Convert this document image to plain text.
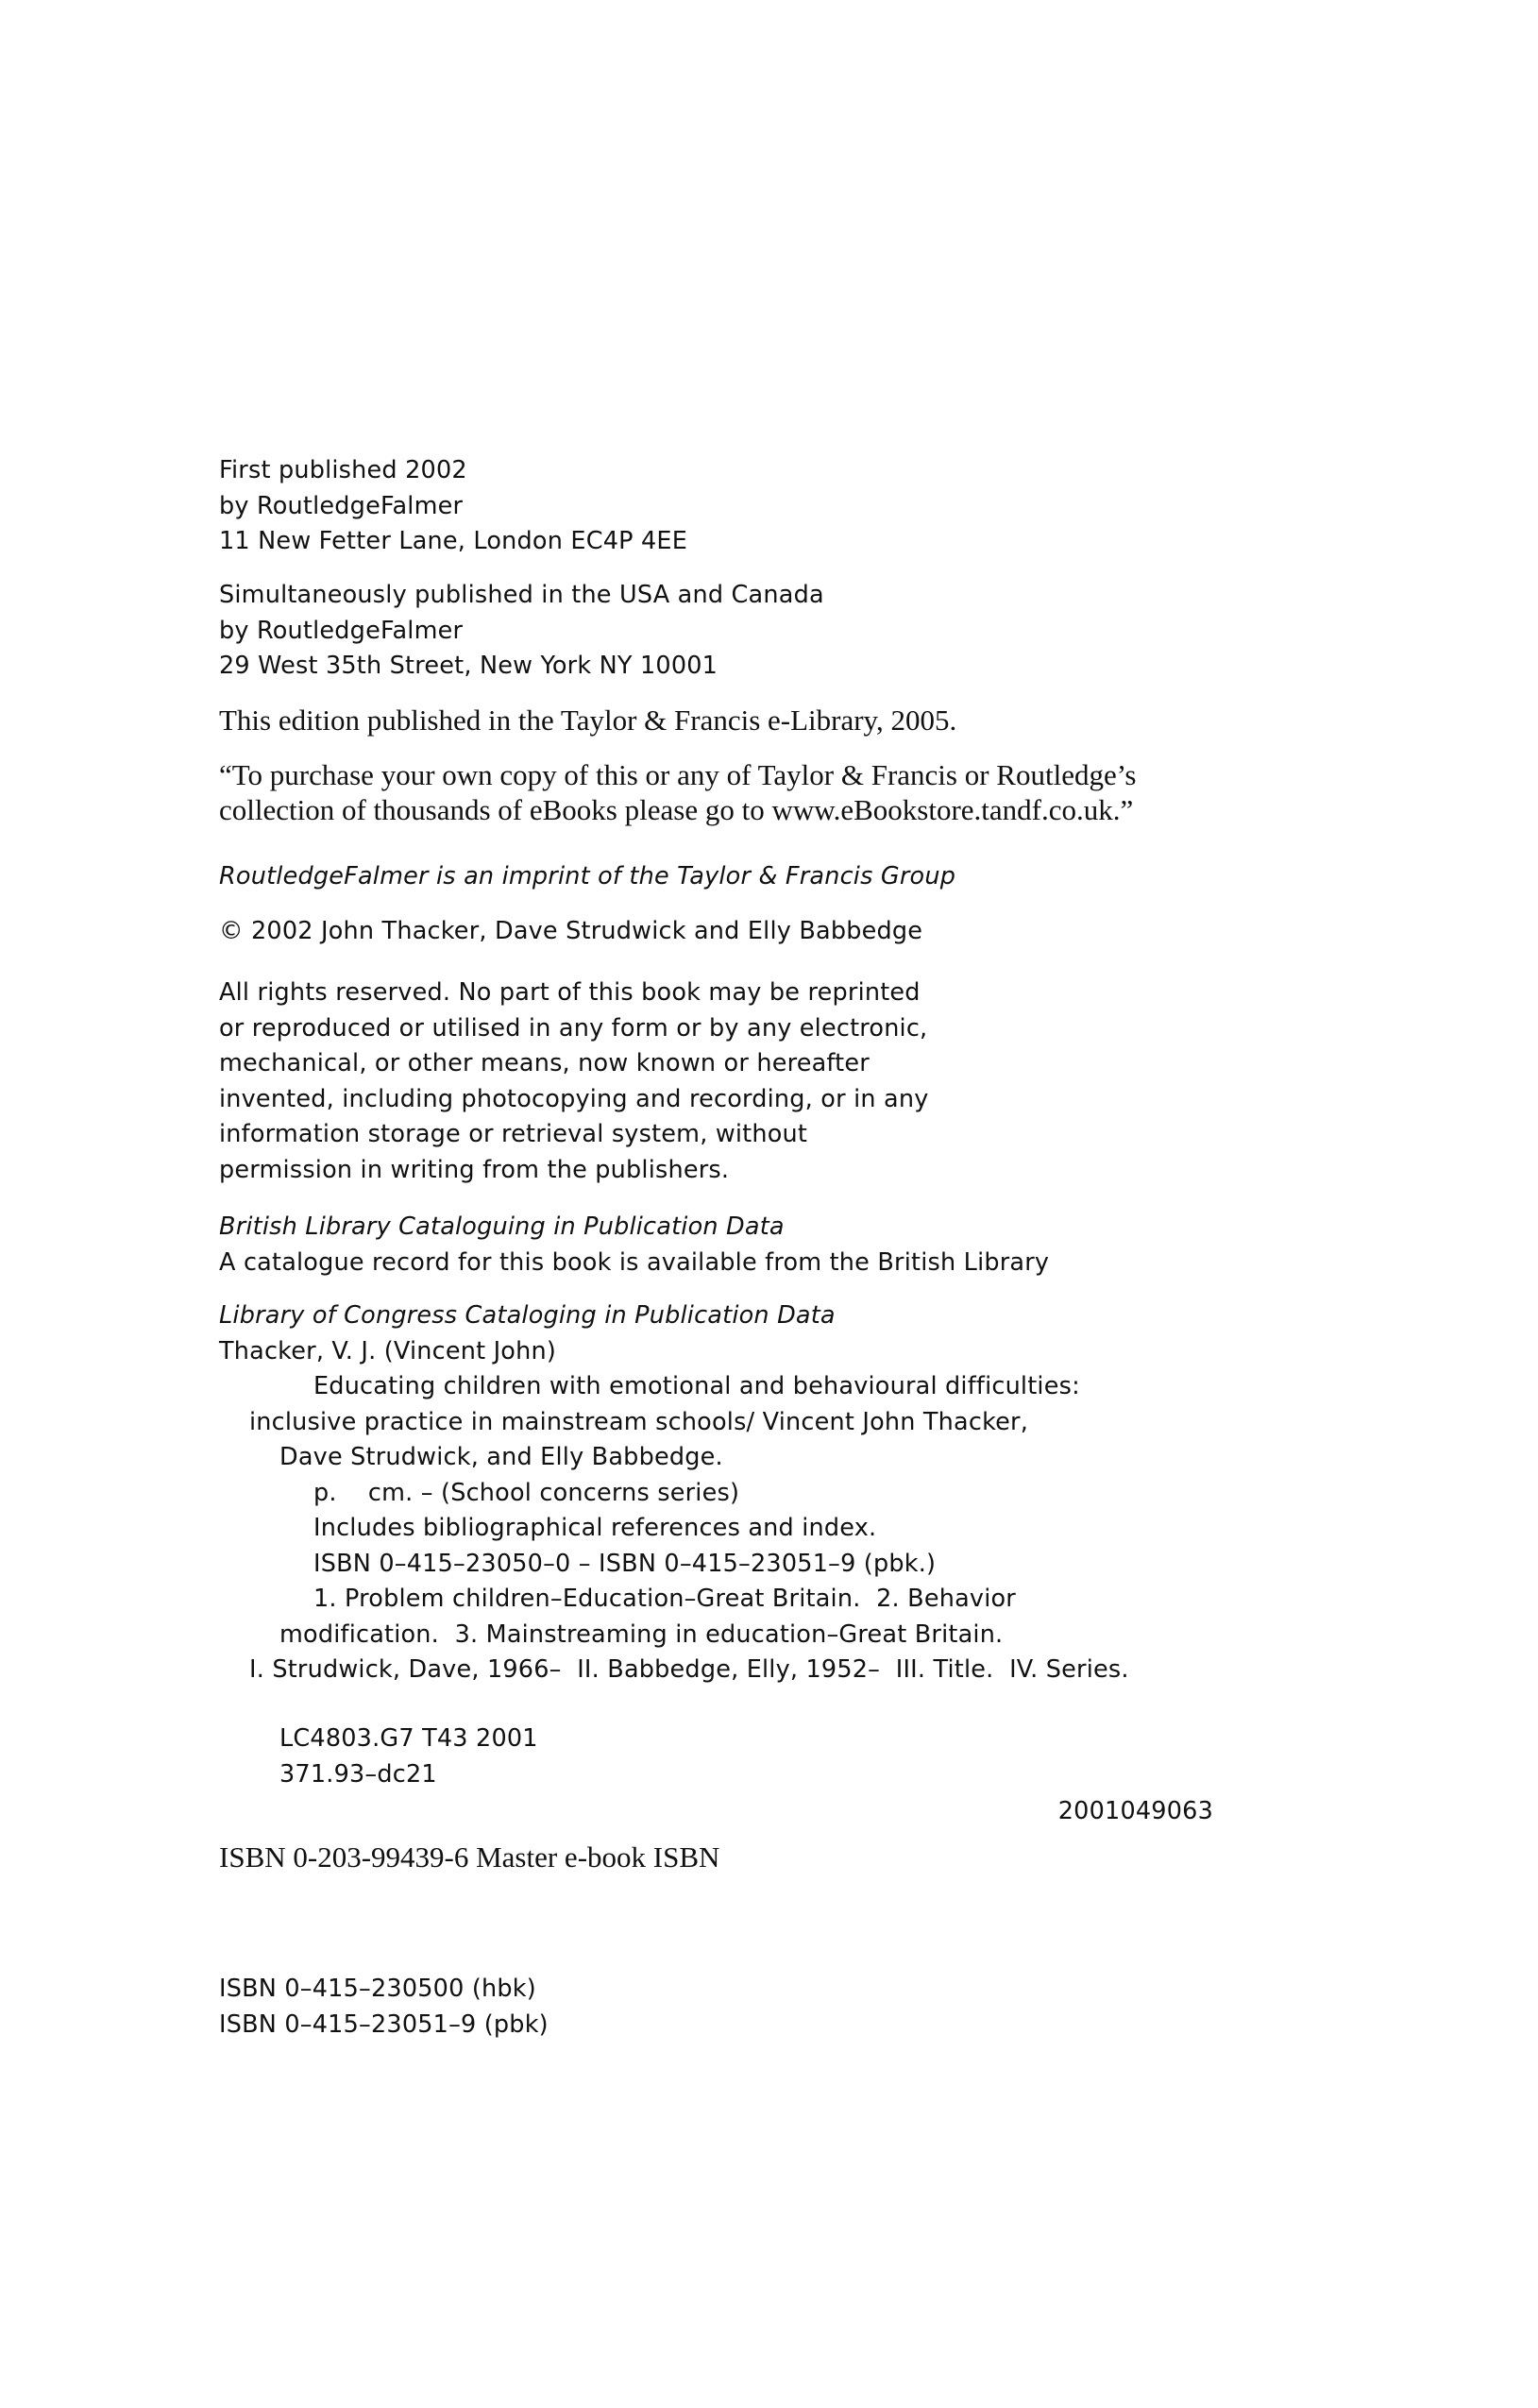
First published 2002
by RoutledgeFalmer
11 New Fetter Lane, London EC4P 4EE
Simultaneously published in the USA and Canada
by RoutledgeFalmer
29 West 35th Street, New York NY 10001
This edition published in the Taylor & Francis e-Library, 2005.
“To purchase your own copy of this or any of Taylor & Francis or Routledge’s
collection of thousands of eBooks please go to www.eBookstore.tandf.co.uk.”
RoutledgeFalmer is an imprint of the Taylor & Francis Group
© 2002 John Thacker, Dave Strudwick and Elly Babbedge
All rights reserved. No part of this book may be reprinted
or reproduced or utilised in any form or by any electronic,
mechanical, or other means, now known or hereafter
invented, including photocopying and recording, or in any
information storage or retrieval system, without
permission in writing from the publishers.
British Library Cataloguing in Publication Data
A catalogue record for this book is available from the British Library
Library of Congress Cataloging in Publication Data
Thacker, V. J. (Vincent John)
Educating children with emotional and behavioural difficulties:
inclusive practice in mainstream schools/ Vincent John Thacker,
Dave Strudwick, and Elly Babbedge.
p.    cm. – (School concerns series)
Includes bibliographical references and index.
ISBN 0–415–23050–0 – ISBN 0–415–23051–9 (pbk.)
1. Problem children–Education–Great Britain.  2. Behavior
modification.  3. Mainstreaming in education–Great Britain.
I. Strudwick, Dave, 1966–  II. Babbedge, Elly, 1952–  III. Title.  IV. Series.
LC4803.G7 T43 2001
371.93–dc21
2001049063
ISBN 0-203-99439-6 Master e-book ISBN
ISBN 0–415–230500 (hbk)
ISBN 0–415–23051–9 (pbk)
